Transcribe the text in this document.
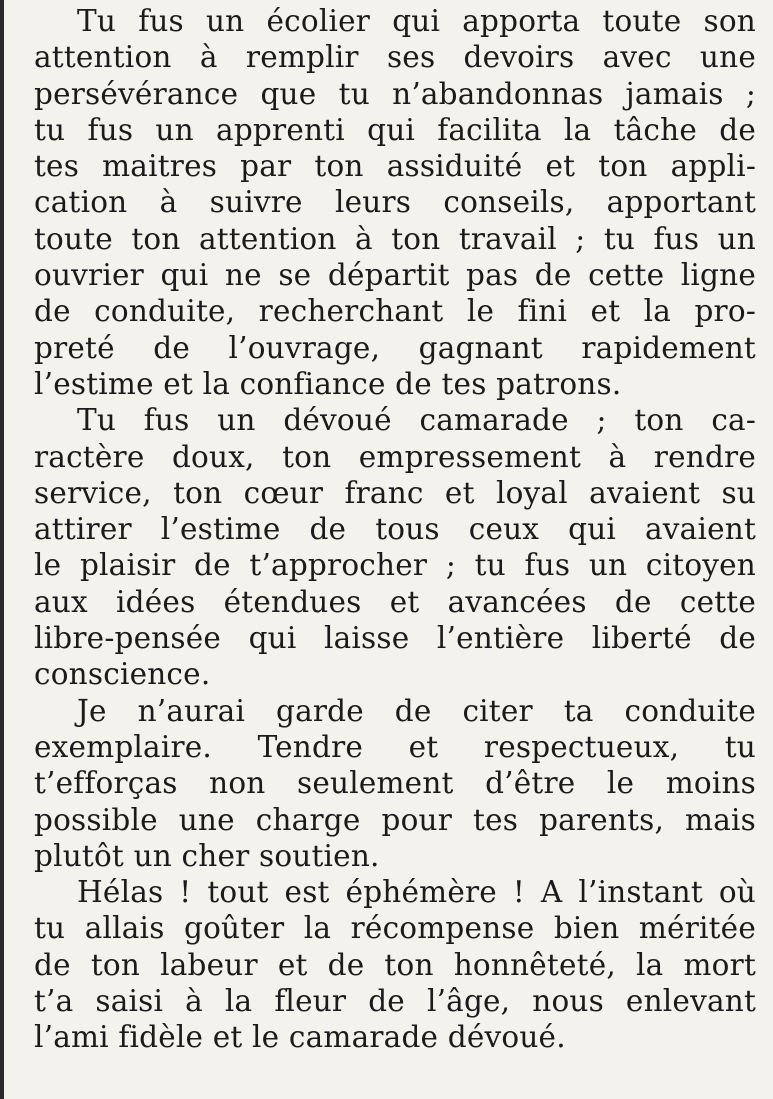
Tu fus un écolier qui apporta toute son
attention à remplir ses devoirs avec une
persévérance que tu n’abandonnas jamais ;
tu fus un apprenti qui facilita la tâche de
tes maitres par ton assiduité et ton appli-
cation à suivre leurs conseils, apportant
toute ton attention à ton travail ; tu fus un
ouvrier qui ne se départit pas de cette ligne
de conduite, recherchant le fini et la pro-
preté de l’ouvrage, gagnant rapidement
l’estime et la confiance de tes patrons.
Tu fus un dévoué camarade ; ton ca-
ractère doux, ton empressement à rendre
service, ton cœur franc et loyal avaient su
attirer l’estime de tous ceux qui avaient
le plaisir de t’approcher ; tu fus un citoyen
aux idées étendues et avancées de cette
libre-pensée qui laisse l’entière liberté de
conscience.
Je n’aurai garde de citer ta conduite
exemplaire. Tendre et respectueux, tu
t’efforças non seulement d’être le moins
possible une charge pour tes parents, mais
plutôt un cher soutien.
Hélas ! tout est éphémère ! A l’instant où
tu allais goûter la récompense bien méritée
de ton labeur et de ton honnêteté, la mort
t’a saisi à la fleur de l’âge, nous enlevant
l’ami fidèle et le camarade dévoué.
